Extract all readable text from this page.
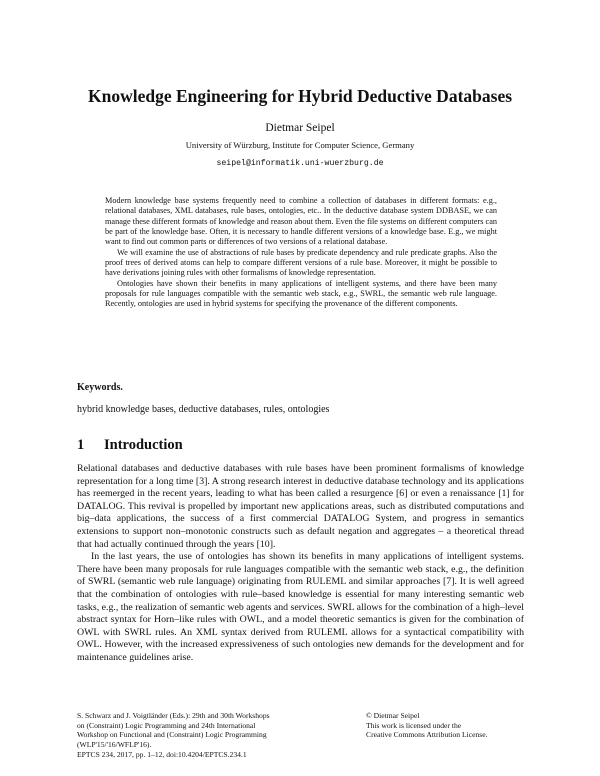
Knowledge Engineering for Hybrid Deductive Databases
Dietmar Seipel
University of Würzburg, Institute for Computer Science, Germany
seipel@informatik.uni-wuerzburg.de

Modern knowledge base systems frequently need to combine a collection of databases in different formats: e.g., relational databases, XML databases, rule bases, ontologies, etc.. In the deductive database system DDBASE, we can manage these different formats of knowledge and reason about them. Even the file systems on different computers can be part of the knowledge base. Often, it is necessary to handle different versions of a knowledge base. E.g., we might want to find out common parts or differences of two versions of a relational database.

We will examine the use of abstractions of rule bases by predicate dependency and rule predicate graphs. Also the proof trees of derived atoms can help to compare different versions of a rule base. Moreover, it might be possible to have derivations joining rules with other formalisms of knowledge representation.

Ontologies have shown their benefits in many applications of intelligent systems, and there have been many proposals for rule languages compatible with the semantic web stack, e.g., SWRL, the semantic web rule language. Recently, ontologies are used in hybrid systems for specifying the provenance of the different components.

Keywords.
hybrid knowledge bases, deductive databases, rules, ontologies
1 Introduction

Relational databases and deductive databases with rule bases have been prominent formalisms of knowledge representation for a long time [3]. A strong research interest in deductive database technology and its applications has reemerged in the recent years, leading to what has been called a resurgence [6] or even a renaissance [1] for DATALOG. This revival is propelled by important new applications areas, such as distributed computations and big–data applications, the success of a first commercial DATALOG System, and progress in semantics extensions to support non–monotonic constructs such as default negation and aggregates – a theoretical thread that had actually continued through the years [10].

In the last years, the use of ontologies has shown its benefits in many applications of intelligent systems. There have been many proposals for rule languages compatible with the semantic web stack, e.g., the definition of SWRL (semantic web rule language) originating from RULEML and similar approaches [7]. It is well agreed that the combination of ontologies with rule–based knowledge is essential for many interesting semantic web tasks, e.g., the realization of semantic web agents and services. SWRL allows for the combination of a high–level abstract syntax for Horn–like rules with OWL, and a model theoretic semantics is given for the combination of OWL with SWRL rules. An XML syntax derived from RULEML allows for a syntactical compatibility with OWL. However, with the increased expressiveness of such ontologies new demands for the development and for maintenance guidelines arise.

S. Schwarz and J. Voigtländer (Eds.): 29th and 30th Workshops
on (Constraint) Logic Programming and 24th International
Workshop on Functional and (Constraint) Logic Programming
(WLP'15/'16/WFLP'16).
EPTCS 234, 2017, pp. 1–12, doi:10.4204/EPTCS.234.1
© Dietmar Seipel
This work is licensed under the
Creative Commons Attribution License.
